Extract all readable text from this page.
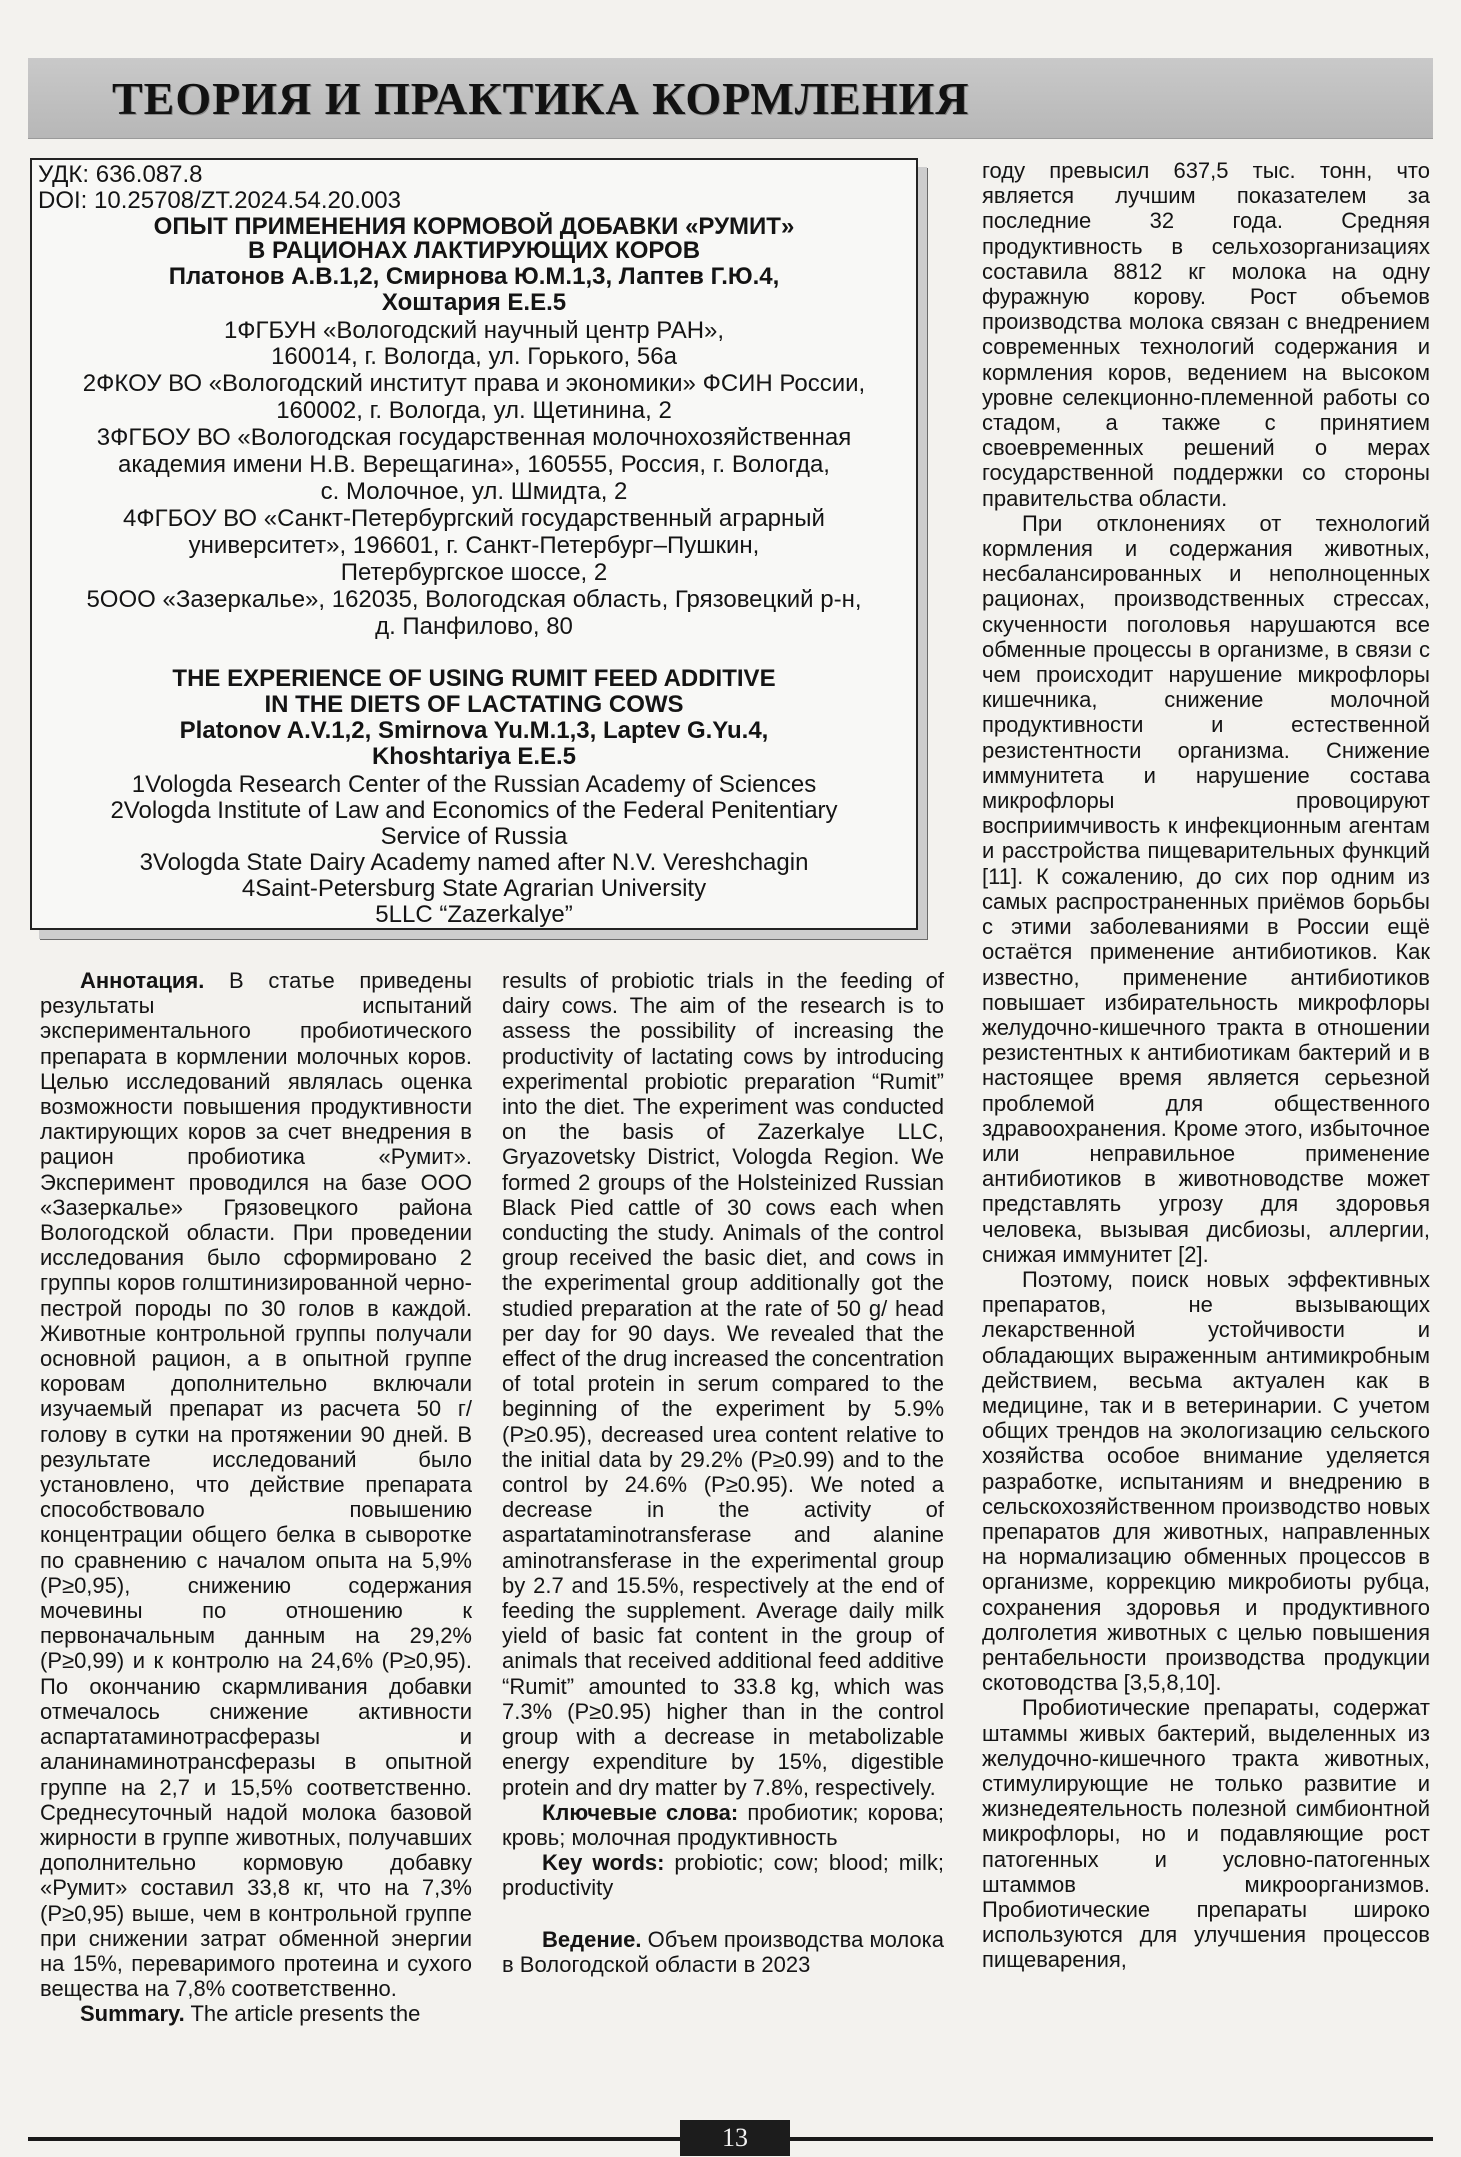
ТЕОРИЯ И ПРАКТИКА КОРМЛЕНИЯ
УДК: 636.087.8
DOI: 10.25708/ZT.2024.54.20.003
ОПЫТ ПРИМЕНЕНИЯ КОРМОВОЙ ДОБАВКИ «РУМИТ»
В РАЦИОНАХ ЛАКТИРУЮЩИХ КОРОВ
Платонов А.В.1,2, Смирнова Ю.М.1,3, Лаптев Г.Ю.4,
Хоштария Е.Е.5
1ФГБУН «Вологодский научный центр РАН»,
160014, г. Вологда, ул. Горького, 56а
2ФКОУ ВО «Вологодский институт права и экономики» ФСИН России,
160002, г. Вологда, ул. Щетинина, 2
3ФГБОУ ВО «Вологодская государственная молочнохозяйственная
академия имени Н.В. Верещагина», 160555, Россия, г. Вологда,
с. Молочное, ул. Шмидта, 2
4ФГБОУ ВО «Санкт-Петербургский государственный аграрный
университет», 196601, г. Санкт-Петербург–Пушкин,
Петербургское шоссе, 2
5ООО «Зазеркалье», 162035, Вологодская область, Грязовецкий р-н,
д. Панфилово, 80
THE EXPERIENCE OF USING RUMIT FEED ADDITIVE
IN THE DIETS OF LACTATING COWS
Platonov A.V.1,2, Smirnova Yu.M.1,3, Laptev G.Yu.4,
Khoshtariya E.E.5
1Vologda Research Center of the Russian Academy of Sciences
2Vologda Institute of Law and Economics of the Federal Penitentiary
Service of Russia
3Vologda State Dairy Academy named after N.V. Vereshchagin
4Saint-Petersburg State Agrarian University
5LLC “Zazerkalye”

Аннотация. В статье приведены результаты испытаний экспериментального пробиотического препарата в кормлении молочных коров. Целью исследований являлась оценка возможности повышения продуктивности лактирующих коров за счет внедрения в рацион пробиотика «Румит». Эксперимент проводился на базе ООО «Зазеркалье» Грязовецкого района Вологодской области. При проведении исследования было сформировано 2 группы коров голштинизированной черно-пестрой породы по 30 голов в каждой. Животные контрольной группы получали основной рацион, а в опытной группе коровам дополнительно включали изучаемый препарат из расчета 50 г/голову в сутки на протяжении 90 дней. В результате исследований было установлено, что действие препарата способствовало повышению концентрации общего белка в сыворотке по сравнению с началом опыта на 5,9% (Р≥0,95), снижению содержания мочевины по отношению к первоначальным данным на 29,2% (Р≥0,99) и к контролю на 24,6% (Р≥0,95). По окончанию скармливания добавки отмечалось снижение активности аспартатаминотрасферазы и аланинаминотрансферазы в опытной группе на 2,7 и 15,5% соответственно. Среднесуточный надой молока базовой жирности в группе животных, получавших дополнительно кормовую добавку «Румит» составил 33,8 кг, что на 7,3% (Р≥0,95) выше, чем в контрольной группе при снижении затрат обменной энергии на 15%, переваримого протеина и сухого вещества на 7,8% соответственно.

Summary. The article presents the

results of probiotic trials in the feeding of dairy cows. The aim of the research is to assess the possibility of increasing the productivity of lactating cows by introducing experimental probiotic preparation “Rumit” into the diet. The experiment was conducted on the basis of Zazerkalye LLC, Gryazovetsky District, Vologda Region. We formed 2 groups of the Holsteinized Russian Black Pied cattle of 30 cows each when conducting the study. Animals of the control group received the basic diet, and cows in the experimental group additionally got the studied preparation at the rate of 50 g/ head per day for 90 days. We revealed that the effect of the drug increased the concentration of total protein in serum compared to the beginning of the experiment by 5.9% (P≥0.95), decreased urea content relative to the initial data by 29.2% (P≥0.99) and to the control by 24.6% (P≥0.95). We noted a decrease in the activity of aspartataminotransferase and alanine aminotransferase in the experimental group by 2.7 and 15.5%, respectively at the end of feeding the supplement. Average daily milk yield of basic fat content in the group of animals that received additional feed additive “Rumit” amounted to 33.8 kg, which was 7.3% (P≥0.95) higher than in the control group with a decrease in metabolizable energy expenditure by 15%, digestible protein and dry matter by 7.8%, respectively.

Ключевые слова: пробиотик; корова; кровь; молочная продуктивность

Key words: probiotic; cow; blood; milk; productivity

Ведение. Объем производства молока в Вологодской области в 2023

году превысил 637,5 тыс. тонн, что является лучшим показателем за последние 32 года. Средняя продуктивность в сельхозорганизациях составила 8812 кг молока на одну фуражную корову. Рост объемов производства молока связан с внедрением современных технологий содержания и кормления коров, ведением на высоком уровне селекционно-племенной работы со стадом, а также с принятием своевременных решений о мерах государственной поддержки со стороны правительства области.

При отклонениях от технологий кормления и содержания животных, несбалансированных и неполноценных рационах, производственных стрессах, скученности поголовья нарушаются все обменные процессы в организме, в связи с чем происходит нарушение микрофлоры кишечника, снижение молочной продуктивности и естественной резистентности организма. Снижение иммунитета и нарушение состава микрофлоры провоцируют восприимчивость к инфекционным агентам и расстройства пищеварительных функций [11]. К сожалению, до сих пор одним из самых распространенных приёмов борьбы с этими заболеваниями в России ещё остаётся применение антибиотиков. Как известно, применение антибиотиков повышает избирательность микрофлоры желудочно-кишечного тракта в отношении резистентных к антибиотикам бактерий и в настоящее время является серьезной проблемой для общественного здравоохранения. Кроме этого, избыточное или неправильное применение антибиотиков в животноводстве может представлять угрозу для здоровья человека, вызывая дисбиозы, аллергии, снижая иммунитет [2].

Поэтому, поиск новых эффективных препаратов, не вызывающих лекарственной устойчивости и обладающих выраженным антимикробным действием, весьма актуален как в медицине, так и в ветеринарии. С учетом общих трендов на экологизацию сельского хозяйства особое внимание уделяется разработке, испытаниям и внедрению в сельскохозяйственном производство новых препаратов для животных, направленных на нормализацию обменных процессов в организме, коррекцию микробиоты рубца, сохранения здоровья и продуктивного долголетия животных с целью повышения рентабельности производства продукции скотоводства [3,5,8,10].

Пробиотические препараты, содержат штаммы живых бактерий, выделенных из желудочно-кишечного тракта животных, стимулирующие не только развитие и жизнедеятельность полезной симбионтной микрофлоры, но и подавляющие рост патогенных и условно-патогенных штаммов микроорганизмов. Пробиотические препараты широко используются для улучшения процессов пищеварения,

13
